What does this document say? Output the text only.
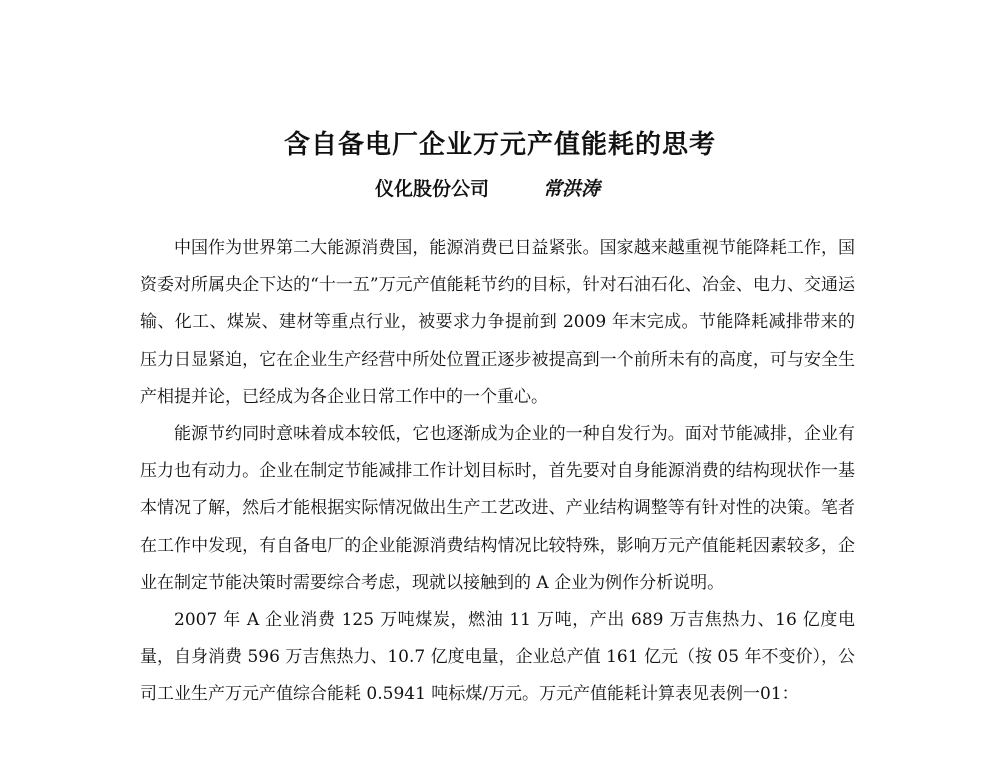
含自备电厂企业万元产值能耗的思考
仪化股份公司	常洪涛

中国作为世界第二大能源消费国，能源消费已日益紧张。国家越来越重视节能降耗工作，国资委对所属央企下达的“十一五”万元产值能耗节约的目标，针对石油石化、冶金、电力、交通运输、化工、煤炭、建材等重点行业，被要求力争提前到 2009 年末完成。节能降耗减排带来的压力日显紧迫，它在企业生产经营中所处位置正逐步被提高到一个前所未有的高度，可与安全生产相提并论，已经成为各企业日常工作中的一个重心。

能源节约同时意味着成本较低，它也逐渐成为企业的一种自发行为。面对节能减排，企业有压力也有动力。企业在制定节能减排工作计划目标时，首先要对自身能源消费的结构现状作一基本情况了解，然后才能根据实际情况做出生产工艺改进、产业结构调整等有针对性的决策。笔者在工作中发现，有自备电厂的企业能源消费结构情况比较特殊，影响万元产值能耗因素较多，企业在制定节能决策时需要综合考虑，现就以接触到的 A 企业为例作分析说明。

2007 年 A 企业消费 125 万吨煤炭，燃油 11 万吨，产出 689 万吉焦热力、16 亿度电量，自身消费 596 万吉焦热力、10.7 亿度电量，企业总产值 161 亿元（按 05 年不变价），公司工业生产万元产值综合能耗 0.5941 吨标煤/万元。万元产值能耗计算表见表例一01：
